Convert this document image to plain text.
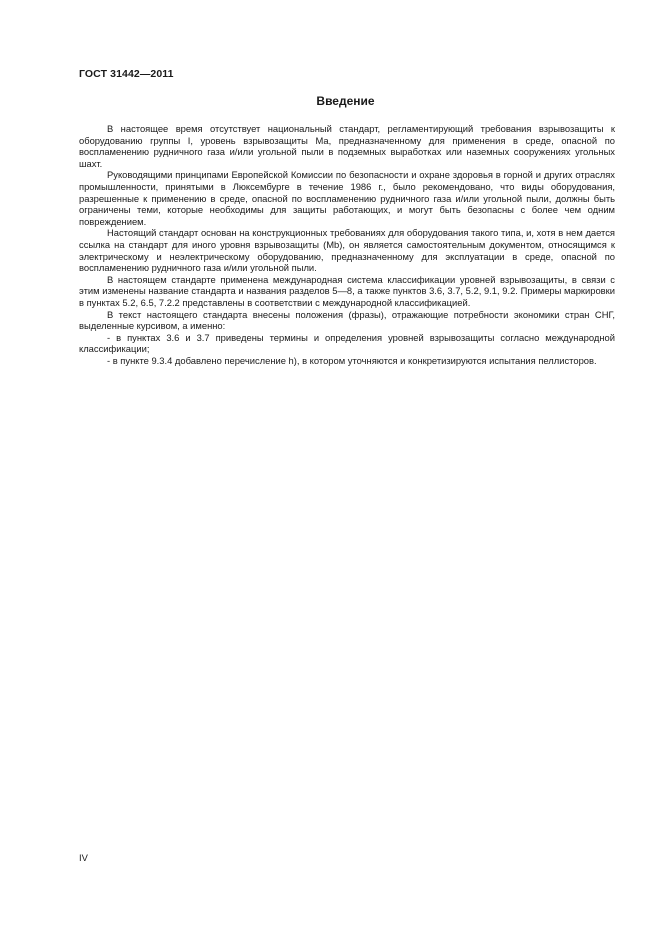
ГОСТ 31442—2011
Введение

В настоящее время отсутствует национальный стандарт, регламентирующий требования взрывозащиты к оборудованию группы I, уровень взрывозащиты Ма, предназначенному для применения в среде, опасной по воспламенению рудничного газа и/или угольной пыли в подземных выработках или наземных сооружениях угольных шахт.

Руководящими принципами Европейской Комиссии по безопасности и охране здоровья в горной и других отраслях промышленности, принятыми в Люксембурге в течение 1986 г., было рекомендовано, что виды оборудования, разрешенные к применению в среде, опасной по воспламенению рудничного газа и/или угольной пыли, должны быть ограничены теми, которые необходимы для защиты работающих, и могут быть безопасны с более чем одним повреждением.

Настоящий стандарт основан на конструкционных требованиях для оборудования такого типа, и, хотя в нем дается ссылка на стандарт для иного уровня взрывозащиты (Mb), он является самостоятельным документом, относящимся к электрическому и неэлектрическому оборудованию, предназначенному для эксплуатации в среде, опасной по воспламенению рудничного газа и/или угольной пыли.

В настоящем стандарте применена международная система классификации уровней взрывозащиты, в связи с этим изменены название стандарта и названия разделов 5—8, а также пунктов 3.6, 3.7, 5.2, 9.1, 9.2. Примеры маркировки в пунктах 5.2, 6.5, 7.2.2 представлены в соответствии с международной классификацией.

В текст настоящего стандарта внесены положения (фразы), отражающие потребности экономики стран СНГ, выделенные курсивом, а именно:

- в пунктах 3.6 и 3.7 приведены термины и определения уровней взрывозащиты согласно международной классификации;

- в пункте 9.3.4 добавлено перечисление h), в котором уточняются и конкретизируются испытания пеллисторов.

IV
